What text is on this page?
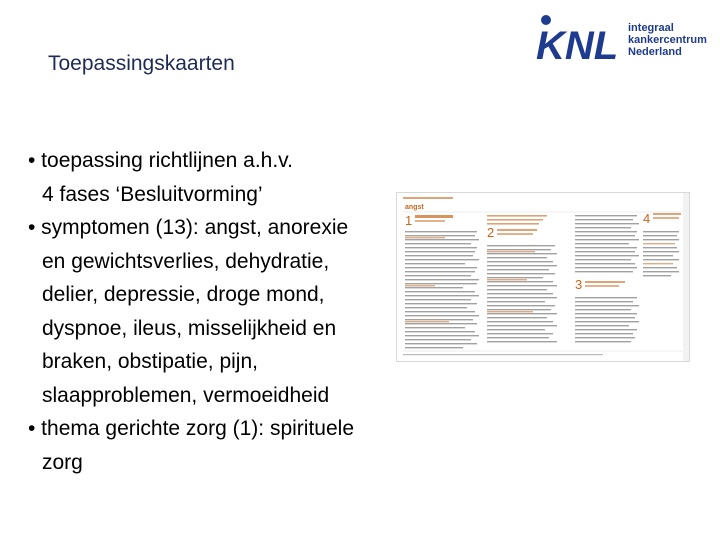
Toepassingskaarten	KNL integraal
kankercentrum
Nederland
• toepassing richtlijnen a.h.v.
4 fases ‘Besluitvorming’
• symptomen (13): angst, anorexie
en gewichtsverlies, dehydratie,
delier, depressie, droge mond,
dyspnoe, ileus, misselijkheid en
braken, obstipatie, pijn,
slaapproblemen, vermoeidheid
• thema gerichte zorg (1): spirituele
zorg
angst
1
2
3
4
